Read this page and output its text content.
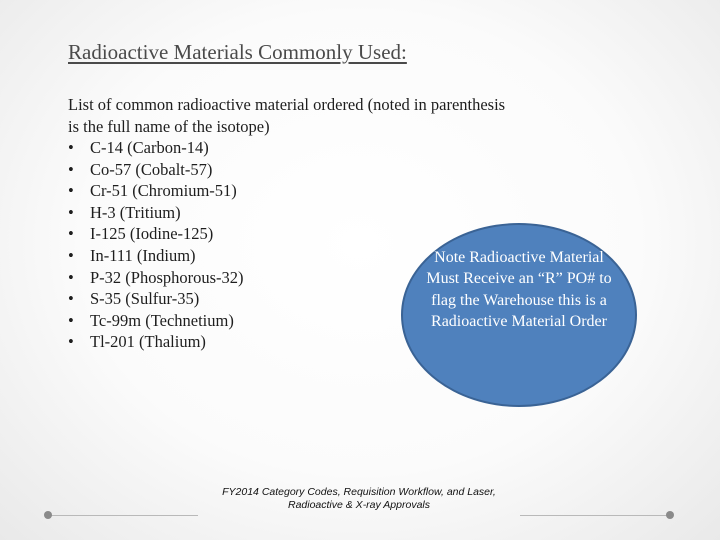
Radioactive Materials Commonly Used:
List of common radioactive material ordered (noted in parenthesis is the full name of the isotope)
• C-14 (Carbon-14)
• Co-57 (Cobalt-57)
• Cr-51 (Chromium-51)
• H-3 (Tritium)
• I-125 (Iodine-125)
• In-111 (Indium)
• P-32 (Phosphorous-32)
• S-35 (Sulfur-35)
• Tc-99m (Technetium)
• Tl-201 (Thalium)
Note Radioactive Material Must Receive an “R” PO# to flag the Warehouse this is a Radioactive Material Order
FY2014 Category Codes, Requisition Workflow, and Laser, Radioactive & X-ray Approvals
